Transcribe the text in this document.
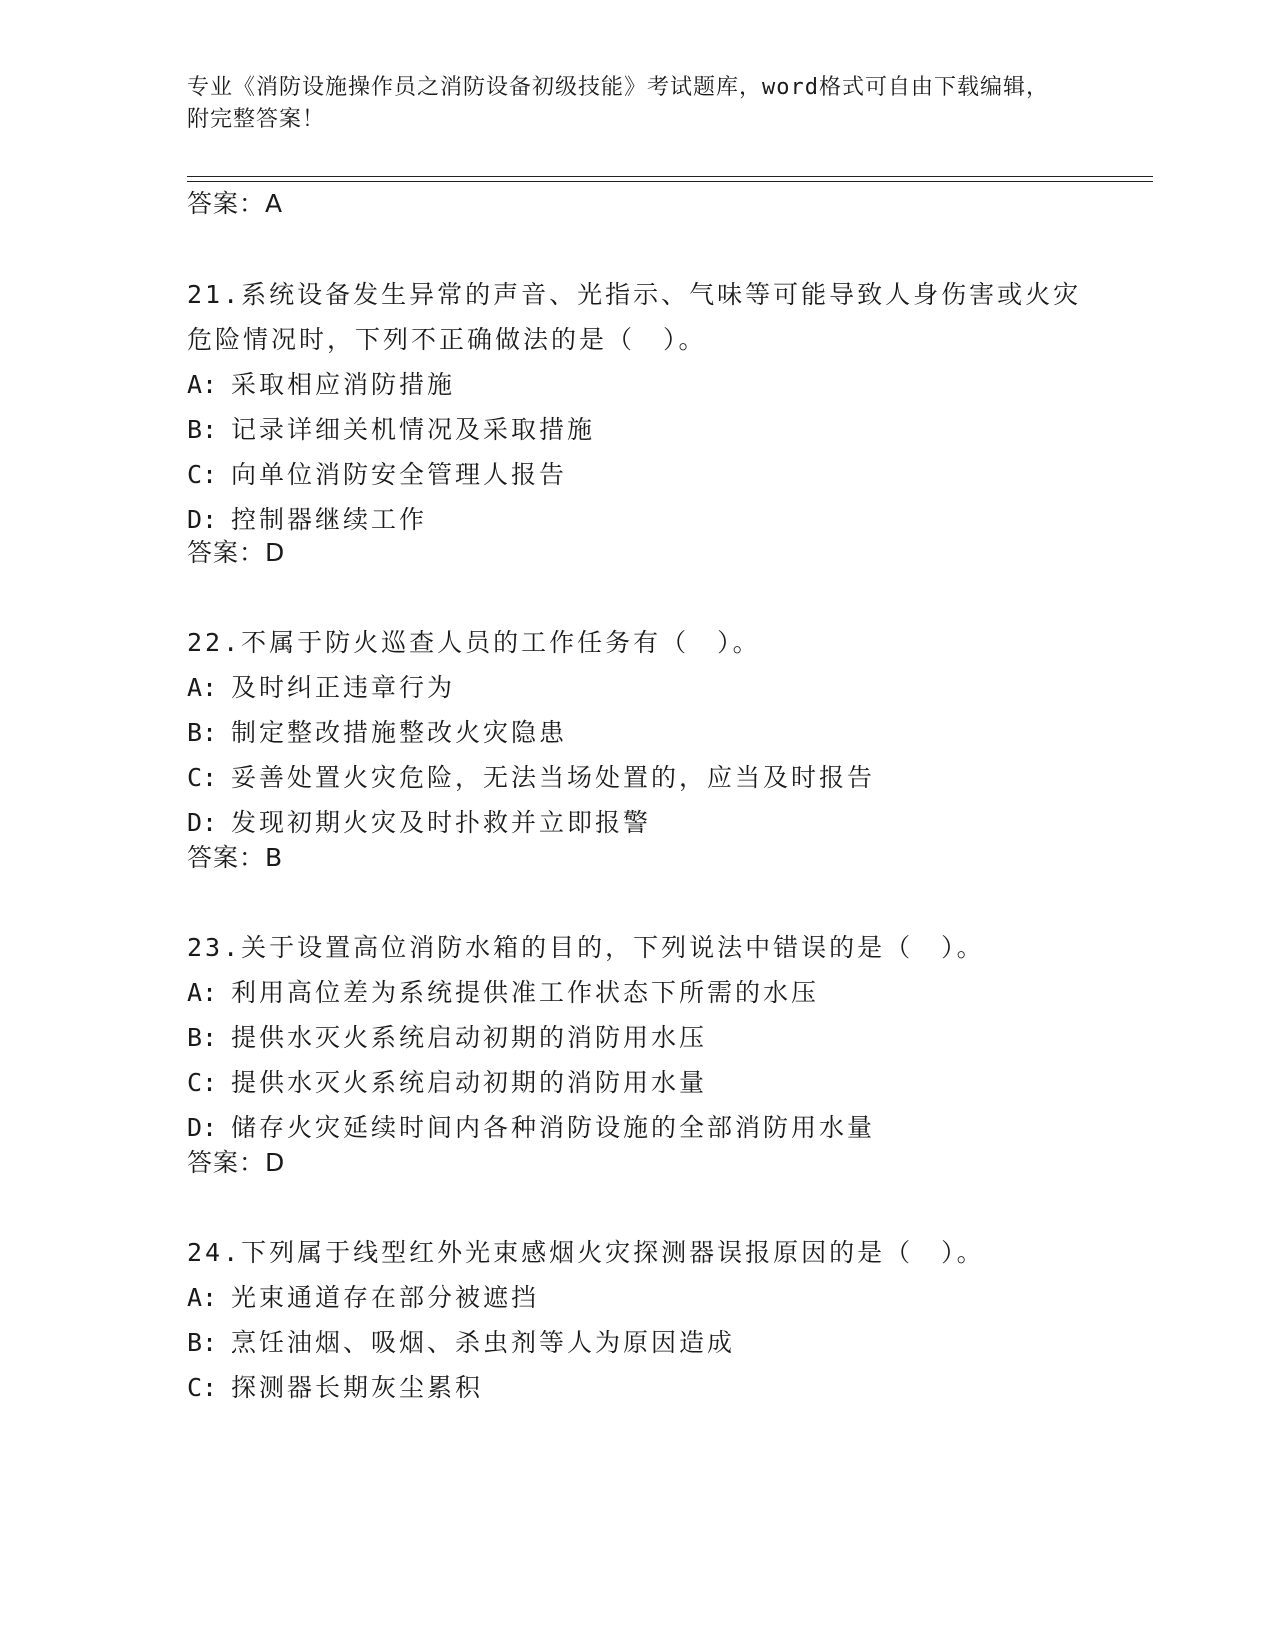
专业《消防设施操作员之消防设备初级技能》考试题库，word格式可自由下载编辑，附完整答案！
答案：A
21.系统设备发生异常的声音、光指示、气味等可能导致人身伤害或火灾危险情况时，下列不正确做法的是（　）。
A: 采取相应消防措施
B: 记录详细关机情况及采取措施
C: 向单位消防安全管理人报告
D: 控制器继续工作
答案：D
22.不属于防火巡查人员的工作任务有（　）。
A: 及时纠正违章行为
B: 制定整改措施整改火灾隐患
C: 妥善处置火灾危险，无法当场处置的，应当及时报告
D: 发现初期火灾及时扑救并立即报警
答案：B
23.关于设置高位消防水箱的目的，下列说法中错误的是（　）。
A: 利用高位差为系统提供准工作状态下所需的水压
B: 提供水灭火系统启动初期的消防用水压
C: 提供水灭火系统启动初期的消防用水量
D: 储存火灾延续时间内各种消防设施的全部消防用水量
答案：D
24.下列属于线型红外光束感烟火灾探测器误报原因的是（　）。
A: 光束通道存在部分被遮挡
B: 烹饪油烟、吸烟、杀虫剂等人为原因造成
C: 探测器长期灰尘累积
